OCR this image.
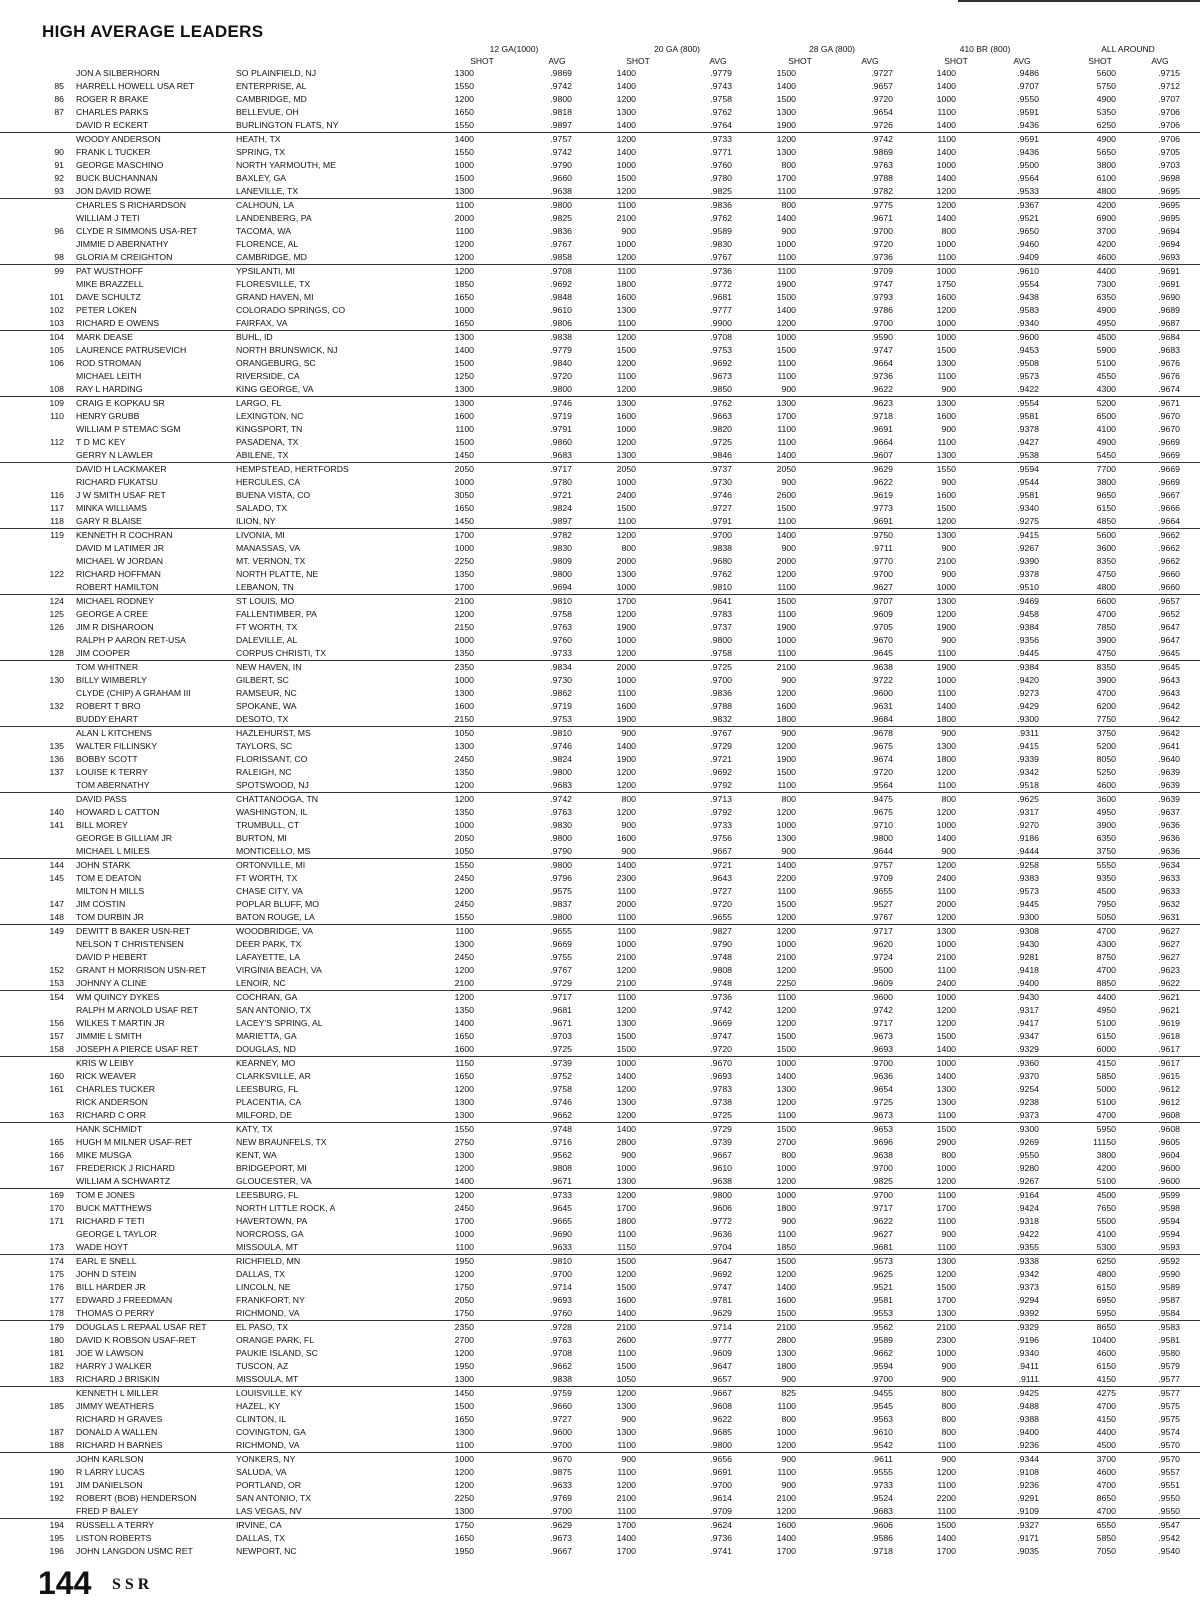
HIGH AVERAGE LEADERS
12 GA(1000)	20 GA (800)	28 GA (800)	410 BR (800)	ALL AROUND
SHOT	AVG	SHOT	AVG	SHOT	AVG	SHOT	AVG	SHOT	AVG
JON A SILBERHORN	SO PLAINFIELD, NJ	1300	.9869	1400	.9779	1500	.9727	1400	.9486	5600	.9715
85 HARRELL HOWELL USA RET	ENTERPRISE, AL	1550	.9742	1400	.9743	1400	.9657	1400	.9707	5750	.9712
86 ROGER R BRAKE	CAMBRIDGE, MD	1200	.9800	1200	.9758	1500	.9720	1000	.9550	4900	.9707
87 CHARLES PARKS	BELLEVUE, OH	1650	.9818	1300	.9762	1300	.9654	1100	.9591	5350	.9706
DAVID R ECKERT	BURLINGTON FLATS, NY	1550	.9897	1400	.9764	1900	.9726	1400	.9436	6250	.9706
WOODY ANDERSON	HEATH, TX	1400	.9757	1200	.9733	1200	.9742	1100	.9591	4900	.9706
90 FRANK L TUCKER	SPRING, TX	1550	.9742	1400	.9771	1300	.9869	1400	.9436	5650	.9705
91 GEORGE MASCHINO	NORTH YARMOUTH, ME	1000	.9790	1000	.9760	800	.9763	1000	.9500	3800	.9703
92 BUCK BUCHANNAN	BAXLEY, GA	1500	.9660	1500	.9780	1700	.9788	1400	.9564	6100	.9698
93 JON DAVID ROWE	LANEVILLE, TX	1300	.9638	1200	.9825	1100	.9782	1200	.9533	4800	.9695
CHARLES S RICHARDSON	CALHOUN, LA	1100	.9800	1100	.9836	800	.9775	1200	.9367	4200	.9695
WILLIAM J TETI	LANDENBERG, PA	2000	.9825	2100	.9762	1400	.9671	1400	.9521	6900	.9695
96 CLYDE R SIMMONS USA-RET	TACOMA, WA	1100	.9836	900	.9589	900	.9700	800	.9650	3700	.9694
JIMMIE D ABERNATHY	FLORENCE, AL	1200	.9767	1000	.9830	1000	.9720	1000	.9460	4200	.9694
98 GLORIA M CREIGHTON	CAMBRIDGE, MD	1200	.9858	1200	.9767	1100	.9736	1100	.9409	4600	.9693
99 PAT WUSTHOFF	YPSILANTI, MI	1200	.9708	1100	.9736	1100	.9709	1000	.9610	4400	.9691
MIKE BRAZZELL	FLORESVILLE, TX	1850	.9692	1800	.9772	1900	.9747	1750	.9554	7300	.9691
101 DAVE SCHULTZ	GRAND HAVEN, MI	1650	.9848	1600	.9681	1500	.9793	1600	.9438	6350	.9690
102 PETER LOKEN	COLORADO SPRINGS, CO	1000	.9610	1300	.9777	1400	.9786	1200	.9583	4900	.9689
103 RICHARD E OWENS	FAIRFAX, VA	1650	.9806	1100	.9900	1200	.9700	1000	.9340	4950	.9687
104 MARK DEASE	BUHL, ID	1300	.9838	1200	.9708	1000	.9590	1000	.9600	4500	.9684
105 LAURENCE PATRUSEVICH	NORTH BRUNSWICK, NJ	1400	.9779	1500	.9753	1500	.9747	1500	.9453	5900	.9683
106 ROD STROMAN	ORANGEBURG, SC	1500	.9840	1200	.9692	1100	.9664	1300	.9508	5100	.9676
MICHAEL LEITH	RIVERSIDE, CA	1250	.9720	1100	.9673	1100	.9736	1100	.9573	4550	.9676
108 RAY L HARDING	KING GEORGE, VA	1300	.9800	1200	.9850	900	.9622	900	.9422	4300	.9674
109 CRAIG E KOPKAU SR	LARGO, FL	1300	.9746	1300	.9762	1300	.9623	1300	.9554	5200	.9671
110 HENRY GRUBB	LEXINGTON, NC	1600	.9719	1600	.9663	1700	.9718	1600	.9581	6500	.9670
WILLIAM P STEMAC SGM	KINGSPORT, TN	1100	.9791	1000	.9820	1100	.9691	900	.9378	4100	.9670
112 T D MC KEY	PASADENA, TX	1500	.9860	1200	.9725	1100	.9664	1100	.9427	4900	.9669
GERRY N LAWLER	ABILENE, TX	1450	.9683	1300	.9846	1400	.9607	1300	.9538	5450	.9669
DAVID H LACKMAKER	HEMPSTEAD, HERTFORDS	2050	.9717	2050	.9737	2050	.9629	1550	.9594	7700	.9669
RICHARD FUKATSU	HERCULES, CA	1000	.9780	1000	.9730	900	.9622	900	.9544	3800	.9669
116 J W SMITH USAF RET	BUENA VISTA, CO	3050	.9721	2400	.9746	2600	.9619	1600	.9581	9650	.9667
117 MINKA WILLIAMS	SALADO, TX	1650	.9824	1500	.9727	1500	.9773	1500	.9340	6150	.9666
118 GARY R BLAISE	ILION, NY	1450	.9897	1100	.9791	1100	.9691	1200	.9275	4850	.9664
119 KENNETH R COCHRAN	LIVONIA, MI	1700	.9782	1200	.9700	1400	.9750	1300	.9415	5600	.9662
DAVID M LATIMER JR	MANASSAS, VA	1000	.9830	800	.9838	900	.9711	900	.9267	3600	.9662
MICHAEL W JORDAN	MT. VERNON, TX	2250	.9809	2000	.9680	2000	.9770	2100	.9390	8350	.9662
122 RICHARD HOFFMAN	NORTH PLATTE, NE	1350	.9800	1300	.9762	1200	.9700	900	.9378	4750	.9660
ROBERT HAMILTON	LEBANON, TN	1700	.9694	1000	.9810	1100	.9627	1000	.9510	4800	.9660
124 MICHAEL RODNEY	ST LOUIS, MO	2100	.9810	1700	.9641	1500	.9707	1300	.9469	6600	.9657
125 GEORGE A CREE	FALLENTIMBER, PA	1200	.9758	1200	.9783	1100	.9609	1200	.9458	4700	.9652
126 JIM R DISHAROON	FT WORTH, TX	2150	.9763	1900	.9737	1900	.9705	1900	.9384	7850	.9647
RALPH P AARON RET-USA	DALEVILLE, AL	1000	.9760	1000	.9800	1000	.9670	900	.9356	3900	.9647
128 JIM COOPER	CORPUS CHRISTI, TX	1350	.9733	1200	.9758	1100	.9645	1100	.9445	4750	.9645
TOM WHITNER	NEW HAVEN, IN	2350	.9834	2000	.9725	2100	.9638	1900	.9384	8350	.9645
130 BILLY WIMBERLY	GILBERT, SC	1000	.9730	1000	.9700	900	.9722	1000	.9420	3900	.9643
CLYDE (CHIP) A GRAHAM III	RAMSEUR, NC	1300	.9862	1100	.9836	1200	.9600	1100	.9273	4700	.9643
132 ROBERT T BRO	SPOKANE, WA	1600	.9719	1600	.9788	1600	.9631	1400	.9429	6200	.9642
BUDDY EHART	DESOTO, TX	2150	.9753	1900	.9832	1800	.9684	1800	.9300	7750	.9642
ALAN L KITCHENS	HAZLEHURST, MS	1050	.9810	900	.9767	900	.9678	900	.9311	3750	.9642
135 WALTER FILLINSKY	TAYLORS, SC	1300	.9746	1400	.9729	1200	.9675	1300	.9415	5200	.9641
136 BOBBY SCOTT	FLORISSANT, CO	2450	.9824	1900	.9721	1900	.9674	1800	.9339	8050	.9640
137 LOUISE K TERRY	RALEIGH, NC	1350	.9800	1200	.9692	1500	.9720	1200	.9342	5250	.9639
TOM ABERNATHY	SPOTSWOOD, NJ	1200	.9683	1200	.9792	1100	.9564	1100	.9518	4600	.9639
DAVID PASS	CHATTANOOGA, TN	1200	.9742	800	.9713	800	.9475	800	.9625	3600	.9639
140 HOWARD L CATTON	WASHINGTON, IL	1350	.9763	1200	.9792	1200	.9675	1200	.9317	4950	.9637
141 BILL MOREY	TRUMBULL, CT	1000	.9830	900	.9733	1000	.9710	1000	.9270	3900	.9636
GEORGE B GILLIAM JR	BURTON, MI	2050	.9800	1600	.9756	1300	.9800	1400	.9186	6350	.9636
MICHAEL L MILES	MONTICELLO, MS	1050	.9790	900	.9667	900	.9644	900	.9444	3750	.9636
144 JOHN STARK	ORTONVILLE, MI	1550	.9800	1400	.9721	1400	.9757	1200	.9258	5550	.9634
145 TOM E DEATON	FT WORTH, TX	2450	.9796	2300	.9643	2200	.9709	2400	.9383	9350	.9633
MILTON H MILLS	CHASE CITY, VA	1200	.9575	1100	.9727	1100	.9655	1100	.9573	4500	.9633
147 JIM COSTIN	POPLAR BLUFF, MO	2450	.9837	2000	.9720	1500	.9527	2000	.9445	7950	.9632
148 TOM DURBIN JR	BATON ROUGE, LA	1550	.9800	1100	.9655	1200	.9767	1200	.9300	5050	.9631
149 DEWITT B BAKER USN-RET	WOODBRIDGE, VA	1100	.9655	1100	.9827	1200	.9717	1300	.9308	4700	.9627
NELSON T CHRISTENSEN	DEER PARK, TX	1300	.9669	1000	.9790	1000	.9620	1000	.9430	4300	.9627
DAVID P HEBERT	LAFAYETTE, LA	2450	.9755	2100	.9748	2100	.9724	2100	.9281	8750	.9627
152 GRANT H MORRISON USN-RET	VIRGINIA BEACH, VA	1200	.9767	1200	.9808	1200	.9500	1100	.9418	4700	.9623
153 JOHNNY A CLINE	LENOIR, NC	2100	.9729	2100	.9748	2250	.9609	2400	.9400	8850	.9622
154 WM QUINCY DYKES	COCHRAN, GA	1200	.9717	1100	.9736	1100	.9600	1000	.9430	4400	.9621
RALPH M ARNOLD USAF RET	SAN ANTONIO, TX	1350	.9681	1200	.9742	1200	.9742	1200	.9317	4950	.9621
156 WILKES T MARTIN JR	LACEY'S SPRING, AL	1400	.9671	1300	.9669	1200	.9717	1200	.9417	5100	.9619
157 JIMMIE L SMITH	MARIETTA, GA	1650	.9703	1500	.9747	1500	.9673	1500	.9347	6150	.9618
158 JOSEPH A PIERCE USAF RET	DOUGLAS, ND	1600	.9725	1500	.9720	1500	.9693	1400	.9329	6000	.9617
KRIS W LEIBY	KEARNEY, MO	1150	.9739	1000	.9670	1000	.9700	1000	.9360	4150	.9617
160 RICK WEAVER	CLARKSVILLE, AR	1650	.9752	1400	.9693	1400	.9636	1400	.9370	5850	.9615
161 CHARLES TUCKER	LEESBURG, FL	1200	.9758	1200	.9783	1300	.9654	1300	.9254	5000	.9612
RICK ANDERSON	PLACENTIA, CA	1300	.9746	1300	.9738	1200	.9725	1300	.9238	5100	.9612
163 RICHARD C ORR	MILFORD, DE	1300	.9662	1200	.9725	1100	.9673	1100	.9373	4700	.9608
HANK SCHMIDT	KATY, TX	1550	.9748	1400	.9729	1500	.9653	1500	.9300	5950	.9608
165 HUGH M MILNER USAF-RET	NEW BRAUNFELS, TX	2750	.9716	2800	.9739	2700	.9696	2900	.9269	11150	.9605
166 MIKE MUSGA	KENT, WA	1300	.9562	900	.9667	800	.9638	800	.9550	3800	.9604
167 FREDERICK J RICHARD	BRIDGEPORT, MI	1200	.9808	1000	.9610	1000	.9700	1000	.9280	4200	.9600
WILLIAM A SCHWARTZ	GLOUCESTER, VA	1400	.9671	1300	.9638	1200	.9825	1200	.9267	5100	.9600
169 TOM E JONES	LEESBURG, FL	1200	.9733	1200	.9800	1000	.9700	1100	.9164	4500	.9599
170 BUCK MATTHEWS	NORTH LITTLE ROCK, A	2450	.9645	1700	.9606	1800	.9717	1700	.9424	7650	.9598
171 RICHARD F TETI	HAVERTOWN, PA	1700	.9665	1800	.9772	900	.9622	1100	.9318	5500	.9594
GEORGE L TAYLOR	NORCROSS, GA	1000	.9690	1100	.9636	1100	.9627	900	.9422	4100	.9594
173 WADE HOYT	MISSOULA, MT	1100	.9633	1150	.9704	1850	.9681	1100	.9355	5300	.9593
174 EARL E SNELL	RICHFIELD, MN	1950	.9810	1500	.9647	1500	.9573	1300	.9338	6250	.9592
175 JOHN D STEIN	DALLAS, TX	1200	.9700	1200	.9692	1200	.9625	1200	.9342	4800	.9590
176 BILL HARDER JR	LINCOLN, NE	1750	.9714	1500	.9747	1400	.9521	1500	.9373	6150	.9589
177 EDWARD J FREEDMAN	FRANKFORT, NY	2050	.9693	1600	.9781	1600	.9581	1700	.9294	6950	.9587
178 THOMAS O PERRY	RICHMOND, VA	1750	.9760	1400	.9629	1500	.9553	1300	.9392	5950	.9584
179 DOUGLAS L REPAAL USAF RET	EL PASO, TX	2350	.9728	2100	.9714	2100	.9562	2100	.9329	8650	.9583
180 DAVID K ROBSON USAF-RET	ORANGE PARK, FL	2700	.9763	2600	.9777	2800	.9589	2300	.9196	10400	.9581
181 JOE W LAWSON	PAUKIE ISLAND, SC	1200	.9708	1100	.9609	1300	.9662	1000	.9340	4600	.9580
182 HARRY J WALKER	TUSCON, AZ	1950	.9662	1500	.9647	1800	.9594	900	.9411	6150	.9579
183 RICHARD J BRISKIN	MISSOULA, MT	1300	.9838	1050	.9657	900	.9700	900	.9111	4150	.9577
KENNETH L MILLER	LOUISVILLE, KY	1450	.9759	1200	.9667	825	.9455	800	.9425	4275	.9577
185 JIMMY WEATHERS	HAZEL, KY	1500	.9660	1300	.9608	1100	.9545	800	.9488	4700	.9575
RICHARD H GRAVES	CLINTON, IL	1650	.9727	900	.9622	800	.9563	800	.9388	4150	.9575
187 DONALD A WALLEN	COVINGTON, GA	1300	.9600	1300	.9685	1000	.9610	800	.9400	4400	.9574
188 RICHARD H BARNES	RICHMOND, VA	1100	.9700	1100	.9800	1200	.9542	1100	.9236	4500	.9570
JOHN KARLSON	YONKERS, NY	1000	.9670	900	.9656	900	.9611	900	.9344	3700	.9570
190 R LARRY LUCAS	SALUDA, VA	1200	.9875	1100	.9691	1100	.9555	1200	.9108	4600	.9557
191 JIM DANIELSON	PORTLAND, OR	1200	.9633	1200	.9700	900	.9733	1100	.9236	4700	.9551
192 ROBERT (BOB) HENDERSON	SAN ANTONIO, TX	2250	.9769	2100	.9614	2100	.9524	2200	.9291	8650	.9550
FRED P BALEY	LAS VEGAS, NV	1300	.9700	1100	.9709	1200	.9683	1100	.9109	4700	.9550
194 RUSSELL A TERRY	IRVINE, CA	1750	.9629	1700	.9624	1600	.9606	1500	.9327	6550	.9547
195 LISTON ROBERTS	DALLAS, TX	1650	.9673	1400	.9736	1400	.9586	1400	.9171	5850	.9542
196 JOHN LANGDON USMC RET	NEWPORT, NC	1950	.9667	1700	.9741	1700	.9718	1700	.9035	7050	.9540
144 SSR
